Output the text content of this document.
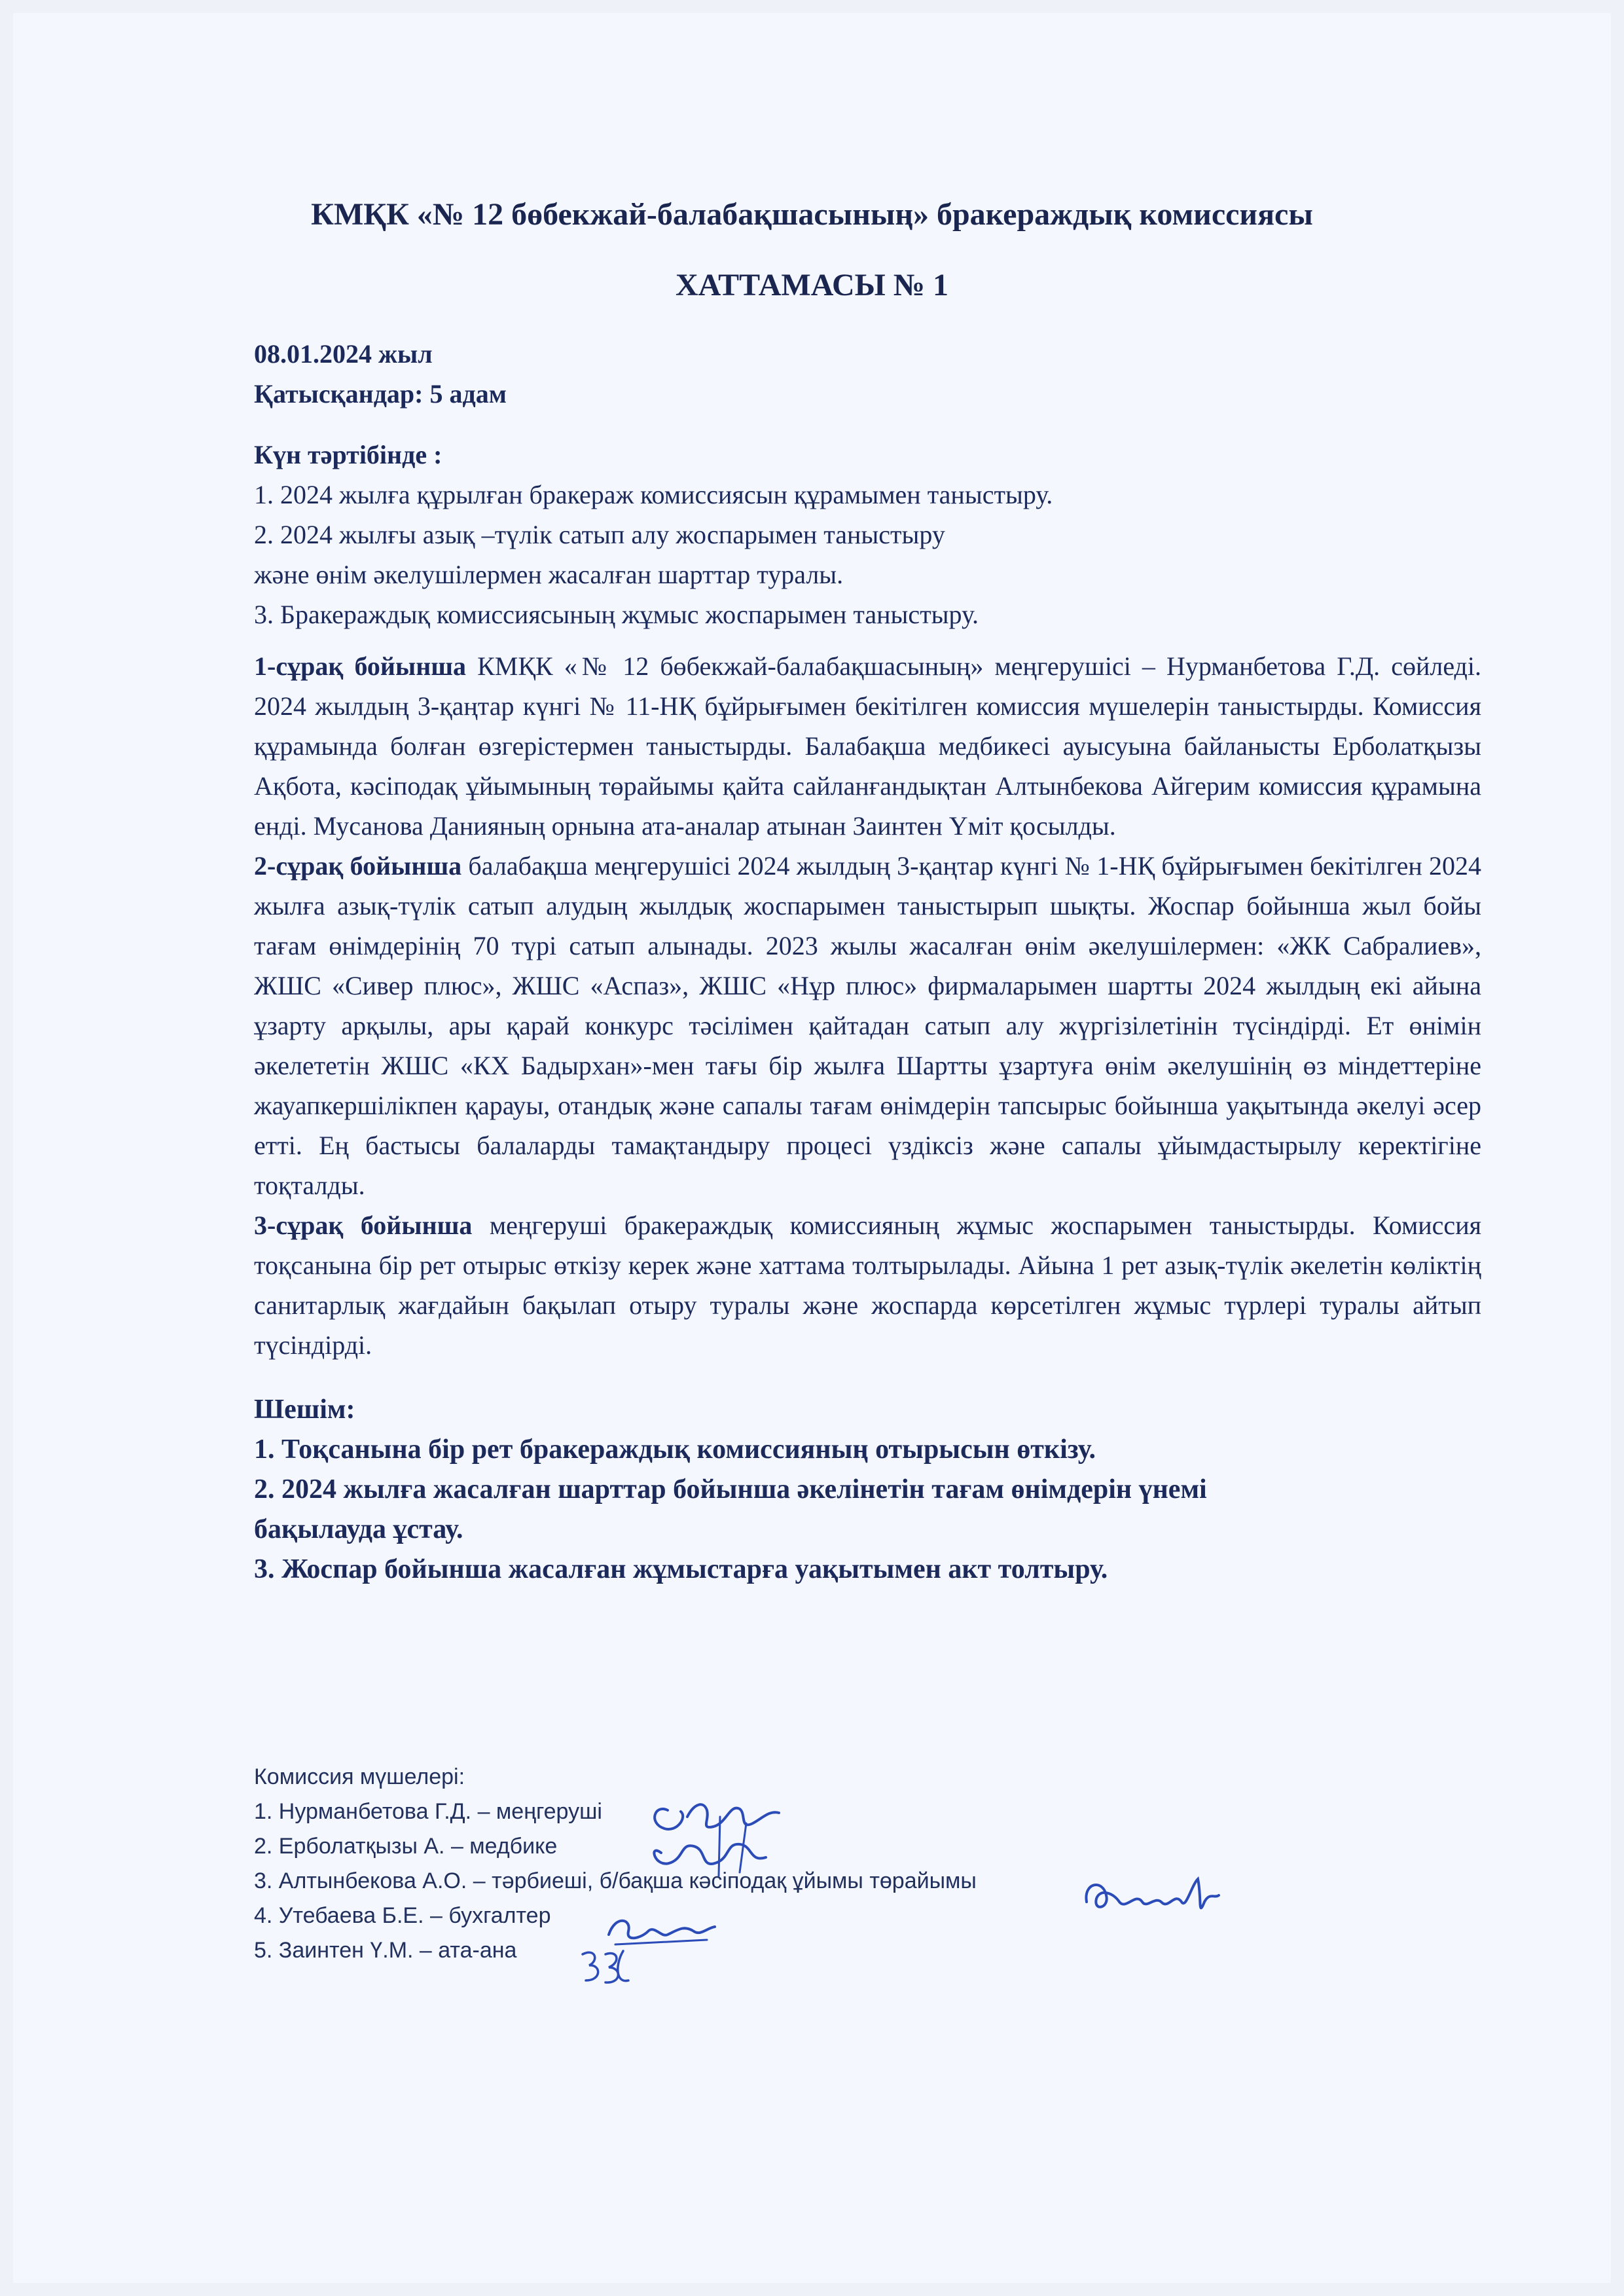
КМҚК «№ 12 бөбекжай-балабақшасының» бракераждық комиссиясы
ХАТТАМАСЫ № 1

08.01.2024 жыл

Қатысқандар: 5 адам

Күн тәртібінде :

1. 2024 жылға құрылған бракераж комиссиясын құрамымен таныстыру.

2. 2024 жылғы азық –түлік сатып алу жоспарымен таныстыру

және өнім әкелушілермен жасалған шарттар туралы.

3. Бракераждық комиссиясының жұмыс жоспарымен таныстыру.

1-сұрақ бойынша КМҚК «№ 12 бөбекжай-балабақшасының» меңгерушісі – Нурманбетова Г.Д. сөйледі. 2024 жылдың 3-қаңтар күнгі № 11-НҚ бұйрығымен бекітілген комиссия мүшелерін таныстырды. Комиссия құрамында болған өзгерістермен таныстырды. Балабақша медбикесі ауысуына байланысты Ерболатқызы Ақбота, кәсіподақ ұйымының төрайымы қайта сайланғандықтан Алтынбекова Айгерим комиссия құрамына енді. Мусанова Данияның орнына ата-аналар атынан Заинтен Үміт қосылды.

2-сұрақ бойынша балабақша меңгерушісі 2024 жылдың 3-қаңтар күнгі № 1-НҚ бұйрығымен бекітілген 2024 жылға азық-түлік сатып алудың жылдық жоспарымен таныстырып шықты. Жоспар бойынша жыл бойы тағам өнімдерінің 70 түрі сатып алынады. 2023 жылы жасалған өнім әкелушілермен: «ЖК Сабралиев», ЖШС «Сивер плюс», ЖШС «Аспаз», ЖШС «Нұр плюс» фирмаларымен шартты 2024 жылдың екі айына ұзарту арқылы, ары қарай конкурс тәсілімен қайтадан сатып алу жүргізілетінін түсіндірді. Ет өнімін әкелететін ЖШС «КХ Бадырхан»-мен тағы бір жылға Шартты ұзартуға өнім әкелушінің өз міндеттеріне жауапкершілікпен қарауы, отандық және сапалы тағам өнімдерін тапсырыс бойынша уақытында әкелуі әсер етті. Ең бастысы балаларды тамақтандыру процесі үздіксіз және сапалы ұйымдастырылу керектігіне тоқталды.

3-сұрақ бойынша меңгеруші бракераждық комиссияның жұмыс жоспарымен таныстырды. Комиссия тоқсанына бір рет отырыс өткізу керек және хаттама толтырылады. Айына 1 рет азық-түлік әкелетін көліктің санитарлық жағдайын бақылап отыру туралы және жоспарда көрсетілген жұмыс түрлері туралы айтып түсіндірді.

Шешім:

1. Тоқсанына бір рет бракераждық комиссияның отырысын өткізу.

2. 2024 жылға жасалған шарттар бойынша әкелінетін тағам өнімдерін үнемі

бақылауда ұстау.

3. Жоспар бойынша жасалған жұмыстарға уақытымен акт толтыру.

Комиссия мүшелері:

1. Нурманбетова Г.Д. – меңгеруші

2. Ерболатқызы А. – медбике

3. Алтынбекова А.О. – тәрбиеші, б/бақша кәсіподақ ұйымы төрайымы

4. Утебаева Б.Е. – бухгалтер

5. Заинтен Ү.М. – ата-ана
